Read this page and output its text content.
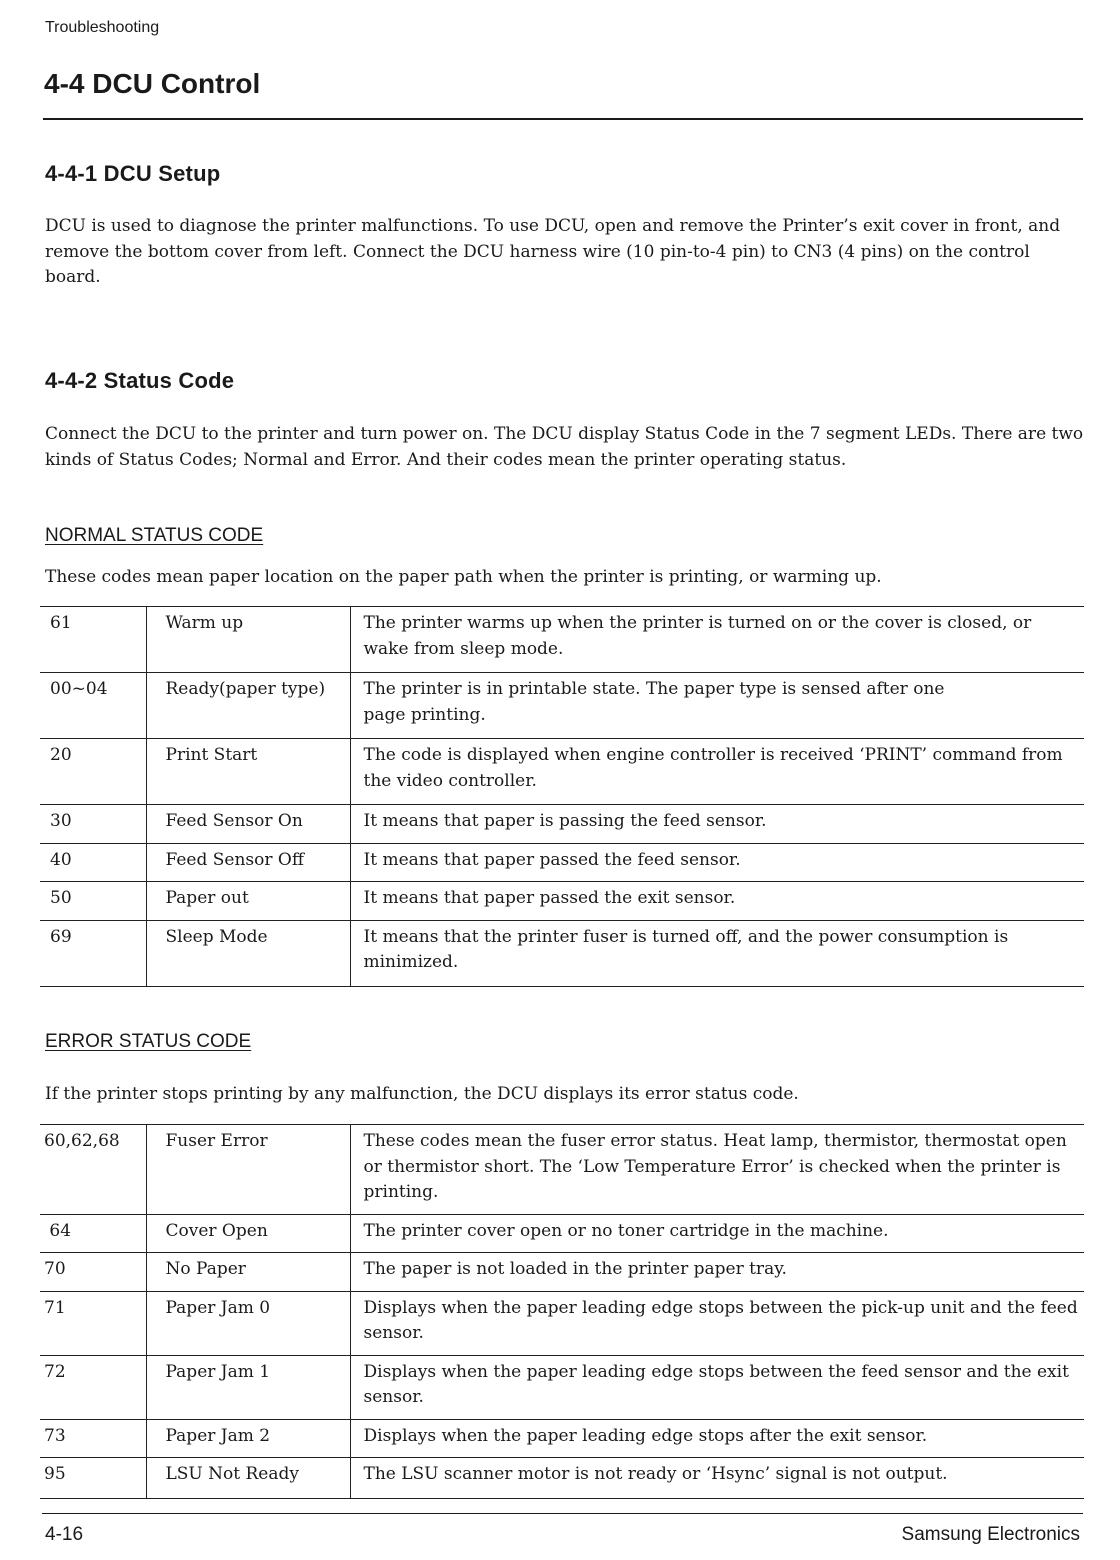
Troubleshooting
4-4 DCU Control
4-4-1 DCU Setup

DCU is used to diagnose the printer malfunctions. To use DCU, open and remove the Printer’s exit cover in front, and remove the bottom cover from left. Connect the DCU harness wire (10 pin-to-4 pin) to CN3 (4 pins) on the control board.

4-4-2 Status Code

Connect the DCU to the printer and turn power on. The DCU display Status Code in the 7 segment LEDs. There are two kinds of Status Codes; Normal and Error. And their codes mean the printer operating status.

NORMAL STATUS CODE

These codes mean paper location on the paper path when the printer is printing, or warming up.

61	Warm up	The printer warms up when the printer is turned on or the cover is closed, or wake from sleep mode.
00~04	Ready(paper type)	The printer is in printable state. The paper type is sensed after one page printing.
20	Print Start	The code is displayed when engine controller is received ‘PRINT’ command from the video controller.
30	Feed Sensor On	It means that paper is passing the feed sensor.
40	Feed Sensor Off	It means that paper passed the feed sensor.
50	Paper out	It means that paper passed the exit sensor.
69	Sleep Mode	It means that the printer fuser is turned off, and the power consumption is minimized.
ERROR STATUS CODE

If the printer stops printing by any malfunction, the DCU displays its error status code.

60,62,68	Fuser Error	These codes mean the fuser error status. Heat lamp, thermistor, thermostat open or thermistor short. The ‘Low Temperature Error’ is checked when the printer is printing.
64	Cover Open	The printer cover open or no toner cartridge in the machine.
70	No Paper	The paper is not loaded in the printer paper tray.
71	Paper Jam 0	Displays when the paper leading edge stops between the pick-up unit and the feed sensor.
72	Paper Jam 1	Displays when the paper leading edge stops between the feed sensor and the exit sensor.
73	Paper Jam 2	Displays when the paper leading edge stops after the exit sensor.
95	LSU Not Ready	The LSU scanner motor is not ready or ‘Hsync’ signal is not output.
4-16	Samsung Electronics
